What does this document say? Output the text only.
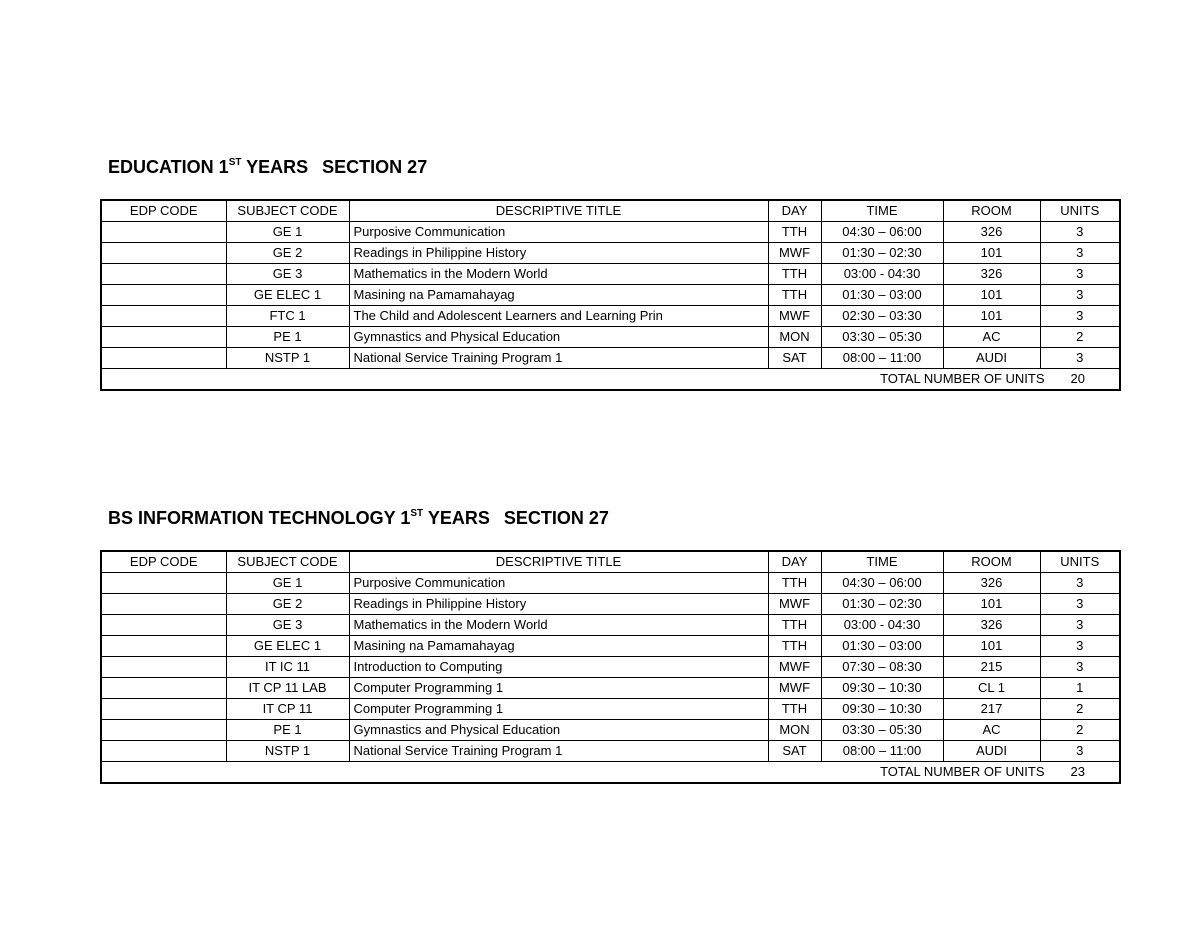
EDUCATION 1ST YEARS SECTION 27
EDP CODE	SUBJECT CODE	DESCRIPTIVE TITLE	DAY	TIME	ROOM	UNITS
	GE 1	Purposive Communication	TTH	04:30 – 06:00	326	3
	GE 2	Readings in Philippine History	MWF	01:30 – 02:30	101	3
	GE 3	Mathematics in the Modern World	TTH	03:00 - 04:30	326	3
	GE ELEC 1	Masining na Pamamahayag	TTH	01:30 – 03:00	101	3
	FTC 1	The Child and Adolescent Learners and Learning Prin	MWF	02:30 – 03:30	101	3
	PE 1	Gymnastics and Physical Education	MON	03:30 – 05:30	AC	2
	NSTP 1	National Service Training Program 1	SAT	08:00 – 11:00	AUDI	3
TOTAL NUMBER OF UNITS 20						
BS INFORMATION TECHNOLOGY 1ST YEARS SECTION 27
EDP CODE	SUBJECT CODE	DESCRIPTIVE TITLE	DAY	TIME	ROOM	UNITS
	GE 1	Purposive Communication	TTH	04:30 – 06:00	326	3
	GE 2	Readings in Philippine History	MWF	01:30 – 02:30	101	3
	GE 3	Mathematics in the Modern World	TTH	03:00 - 04:30	326	3
	GE ELEC 1	Masining na Pamamahayag	TTH	01:30 – 03:00	101	3
	IT IC 11	Introduction to Computing	MWF	07:30 – 08:30	215	3
	IT CP 11 LAB	Computer Programming 1	MWF	09:30 – 10:30	CL 1	1
	IT CP 11	Computer Programming 1	TTH	09:30 – 10:30	217	2
	PE 1	Gymnastics and Physical Education	MON	03:30 – 05:30	AC	2
	NSTP 1	National Service Training Program 1	SAT	08:00 – 11:00	AUDI	3
TOTAL NUMBER OF UNITS 23						
